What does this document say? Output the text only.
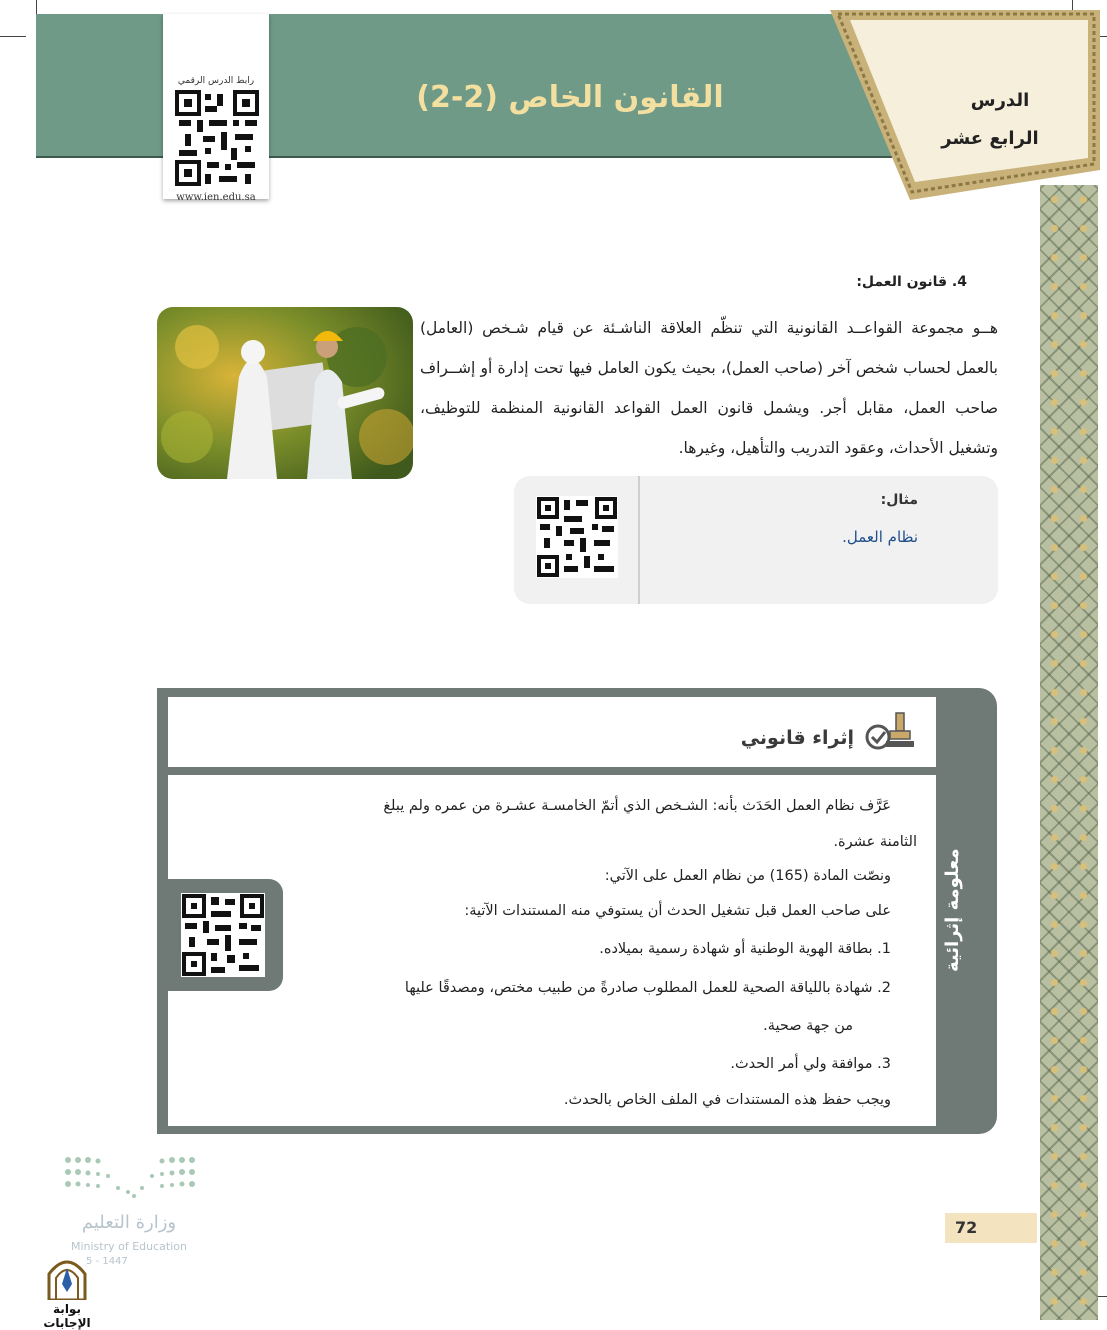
القانون الخاص (2-2)
رابط الدرس الرقمي
www.ien.edu.sa
الدرس
الرابع عشر
4. قانون العمل:
هــو مجموعة القواعــد القانونية التي تنظّم العلاقة الناشـئة عن قيام شـخص (العامل) بالعمل لحساب شخص آخر (صاحب العمل)، بحيث يكون العامل فيها تحت إدارة أو إشــراف صاحب العمل، مقابل أجر. ويشمل قانون العمل القواعد القانونية المنظمة للتوظيف، وتشغيل الأحداث، وعقود التدريب والتأهيل، وغيرها.
مثال:
نظام العمل.
إثراء قانوني
معلومة إثرائية
عَرَّف نظام العمل الحَدَث بأنه: الشـخص الذي أتمّ الخامسـة عشـرة من عمره ولم يبلغ
الثامنة عشرة.
ونصّت المادة (165) من نظام العمل على الآتي:
على صاحب العمل قبل تشغيل الحدث أن يستوفي منه المستندات الآتية:
1. بطاقة الهوية الوطنية أو شهادة رسمية بميلاده.
2. شهادة باللياقة الصحية للعمل المطلوب صادرةً من طبيب مختص، ومصدقًا عليها
من جهة صحية.
3. موافقة ولي أمر الحدث.
ويجب حفظ هذه المستندات في الملف الخاص بالحدث.
72
وزارة التعليم
Ministry of Education
5 - 1447
بوابة الإجابات
